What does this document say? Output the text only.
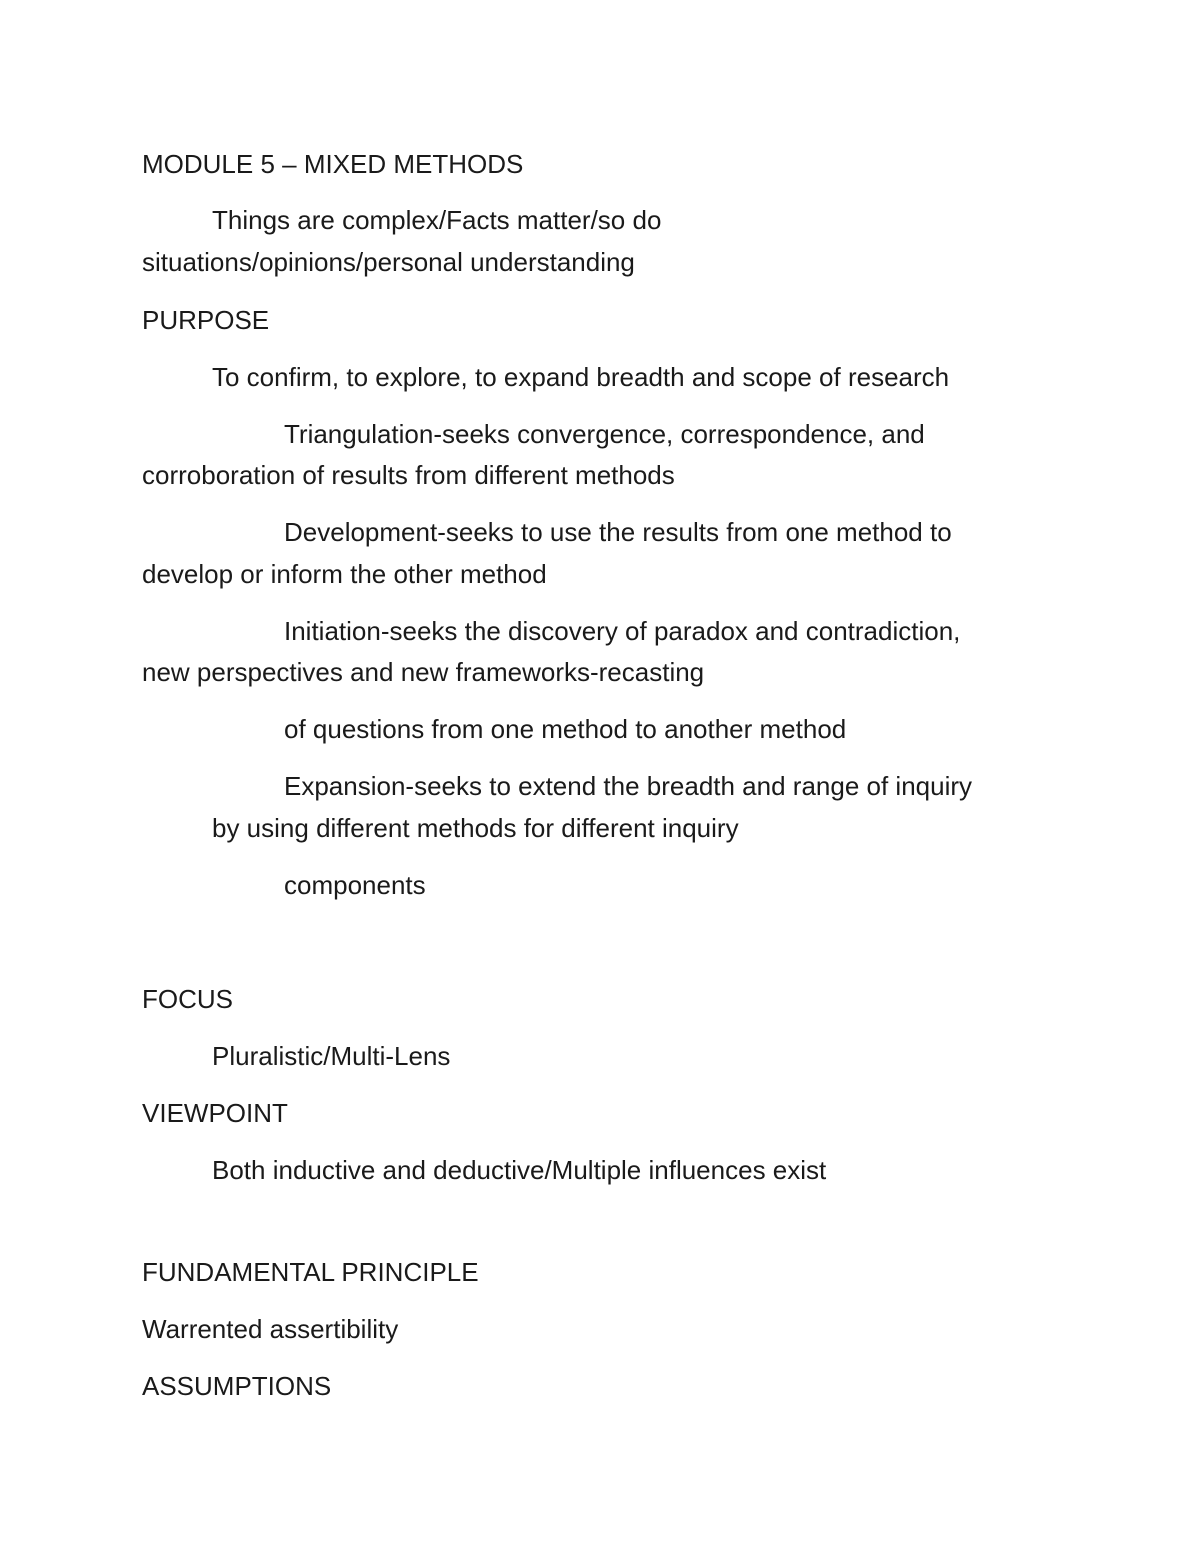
MODULE 5 – MIXED METHODS
Things are complex/Facts matter/so do
situations/opinions/personal understanding
PURPOSE
To confirm, to explore, to expand breadth and scope of research
Triangulation-seeks convergence, correspondence, and
corroboration of results from different methods
Development-seeks to use the results from one method to
develop or inform the other method
Initiation-seeks the discovery of paradox and contradiction,
new perspectives and new frameworks-recasting
of questions from one method to another method
Expansion-seeks to extend the breadth and range of inquiry
by using different methods for different inquiry
components
FOCUS
Pluralistic/Multi-Lens
VIEWPOINT
Both inductive and deductive/Multiple influences exist
FUNDAMENTAL PRINCIPLE
Warrented assertibility
ASSUMPTIONS
